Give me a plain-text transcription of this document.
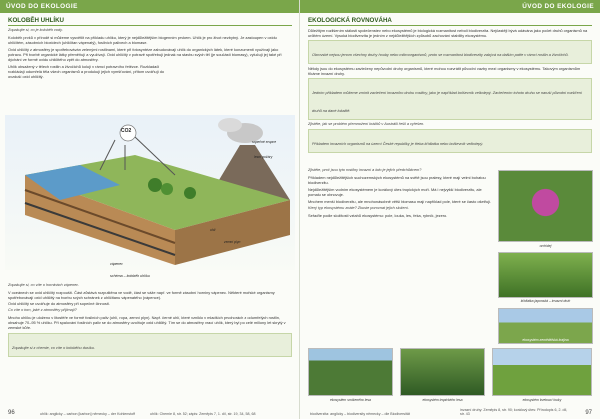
ÚVOD DO EKOLOGIE
KOLOBĚH UHLÍKU
Zopakujte si, co je koloběh vody.

Koloběh prvků v přírodě si můžeme vysvětlit na příkladu uhlíku, který je nejdůležitějším biogenním prvkem. Uhlík je pro život nezbytný. Je zastoupen v oxidu uhličitém, zásobních bioxidech (uhličitan vápenatý), fosilních palivech a biomase.

Oxid uhličitý z atmosféry je spotřebováván zelenými rostlinami, které při fotosyntéze zabudovávají uhlík do organických látek, které konzumenti využívají jako potravu. Při tvorbě organické látky přeměňují a využívají. Oxid uhličitý v potravě spotřebují jednak na stavbu svých těl (je součástí biomasy), vylučují jej také při dýchání ve formě oxidu uhličitého zpět do atmosféry.

Uhlík obsažený v tělech rostlin a živočichů kolují v rámci potravního řetězce. Rozkladači rozkládají odumřelá těla všech organismů a produkují jejich vymšťování, přitom uvolňují do ovzduší oxid uhličitý.

CO2
sopečné erupce
lesní požáry
uhlí
zemní plyn
vápenec
schéma – koloběh uhlíku
Zopakujte si, co víte o horninách vápenec.

V oceánech se oxid uhličitý rozpouští. Část zůstává rozpuštěna ve vodě, část se váže např. ve formě zásobní horniny vápenec. Některé mořské organismy spotřebovávají oxid uhličitý na tvorbu svých schránek z uhličitanu vápenatého (vápence).

Oxid uhličitý se uvolňuje do atmosféry při sopečné činnosti.

Co víte o tom, jaké z atmosféry přijímají?

Mnoho uhlíku je uloženo v litosféře ve formě fosilních paliv (uhlí, ropa, zemní plyn). Např. černé uhlí, které vzniklo v mladších prvohorách z odumřelých rostlin, obsahuje 70–95 % uhlíku. Při spalování fosilních paliv se do atmosféry uvolňuje oxid uhličitý. Tím se do atmosféry vrací uhlík, který byl po celé miliony let skrytý v zemské kůře.

Zopakujte si z chemie, co víte o koloběhu dusíku.
96	uhlík: anglicky – carbon [karbon] německy – der Kohlenstoff	uhlík: Chemie 8, str. 52; zápis: Zeměpis 7, 1. díl, str. 19, 34, 58, 68
ÚVOD DO EKOLOGIE
EKOLOGICKÁ ROVNOVÁHA

Důležitým rozlišením stálosti společenstev nebo ekosystémů je biologická rozmanitost neboli biodiverzita. Nejčastěji bývá udávána jako počet druhů organismů na určitém území. Vysoká biodiverzita je jedním z nejdůležitějších způsobů zachování stability ekosystému.

Obrovské nejsou jenom všechny druhy houby nebo mikroorganismů, proto se rozmanitost biodiverzity zabývá na dalším patře v rámci rostlin a živočichů.

Někdy jsou do ekosystému zavlečeny nepůvodní druhy organismů, které mohou rozvrátit původní vazby mezi organismy v ekosystému. Takovým organismům říkáme invazní druhy.

Jedním příkladem můžeme zmínit zavlečení invazního druhu rostliny, jako je například bolševník velkolepý. Zavlečením tohoto druhu se naruší původní rozšíření druhů na dané lokalitě.
Zjistěte, jak se problém přemnožení králíků v Austrálii řešil a vyřešen.
Příkladem invazních organismů na území České republiky je třeba křídlatka nebo bolševník velkolepý.
Zjistěte, proč jsou tyto rostliny invazní a kdo je jejich předchůdcem?

Příkladem nejdůležitějších suchozemských ekosystémů na světě jsou pralesy, které mají velmi bohatou biodiverzitu.

Nejdůležitějším vodním ekosystémem je korálový útes tropických moří. Má i nejvyšší biodiverzitu, ale pomalu se obnovuje.

Mnohem menší biodiverzitu, ale mnohonásobně větší biomasu mají například pole, které se často ošetřují.

Který typ ekosystému znáte? Zkuste porovnat jejich složení.

Seřaďte podle složitosti vztahů ekosystému: pole, louka, les, řeka, rybník, jezero.

orchidej
křídlatka japonská – invazní druh
ekosystém zemědělská krajina
ekosystém smíšeného lesa	ekosystém tropického lesa	ekosystém kvetoucí louky
biodiverzita: anglicky – biodiversity německy – die Biodiversität
invazní druhy: Zeměpis 8, str. 90; korálový útes: Přírodopis 6, 2. díl, str. 43	97
